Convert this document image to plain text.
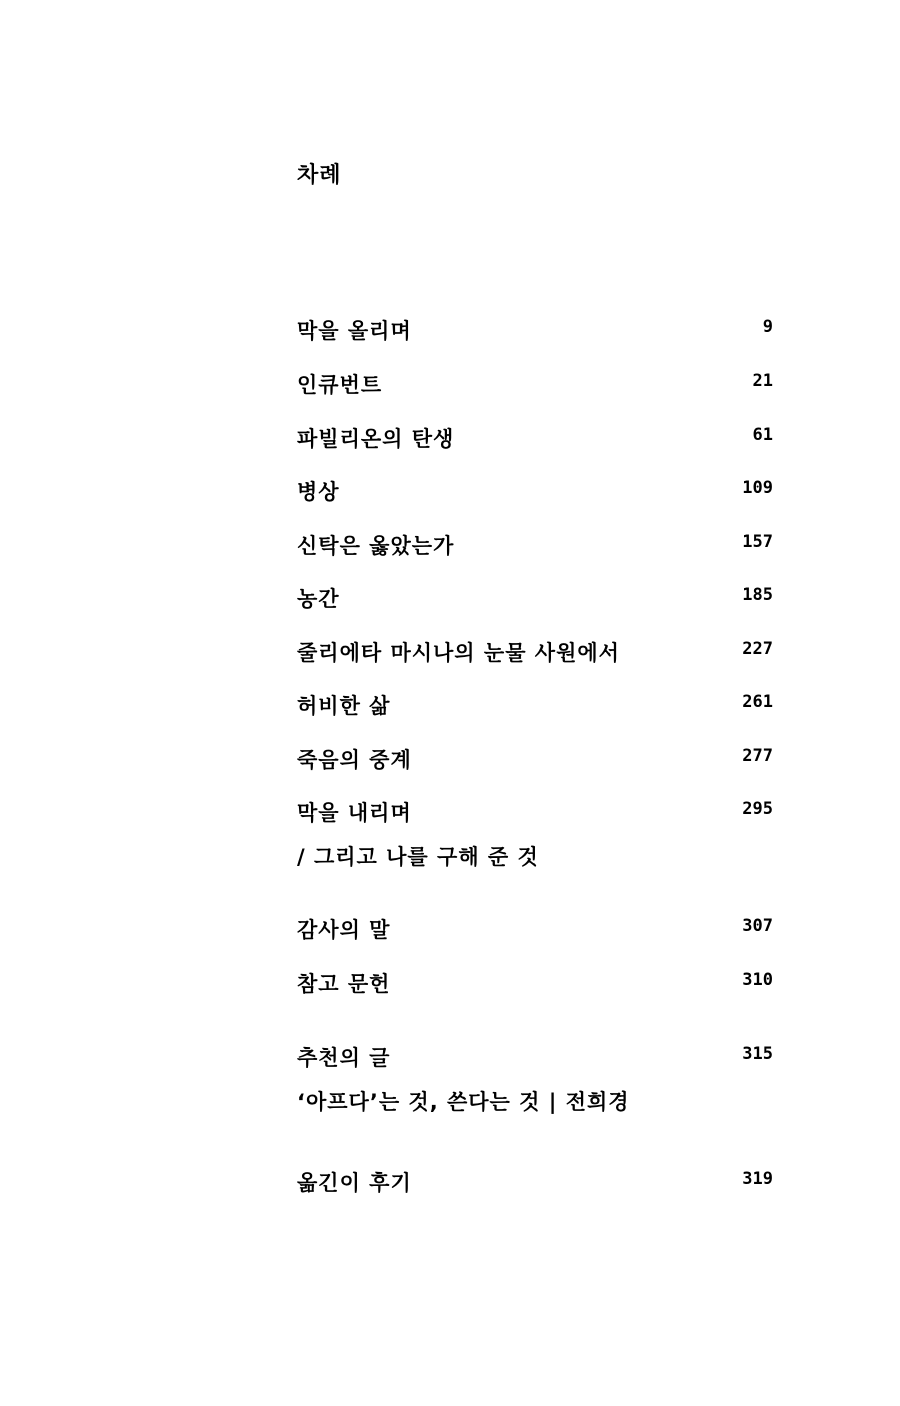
차례
막을 올리며	9
인큐번트	21
파빌리온의 탄생	61
병상	109
신탁은 옳았는가	157
농간	185
줄리에타 마시나의 눈물 사원에서	227
허비한 삶	261
죽음의 중계	277
막을 내리며	295
/ 그리고 나를 구해 준 것
감사의 말	307
참고 문헌	310
추천의 글	315
‘아프다’는 것, 쓴다는 것 | 전희경
옮긴이 후기	319
